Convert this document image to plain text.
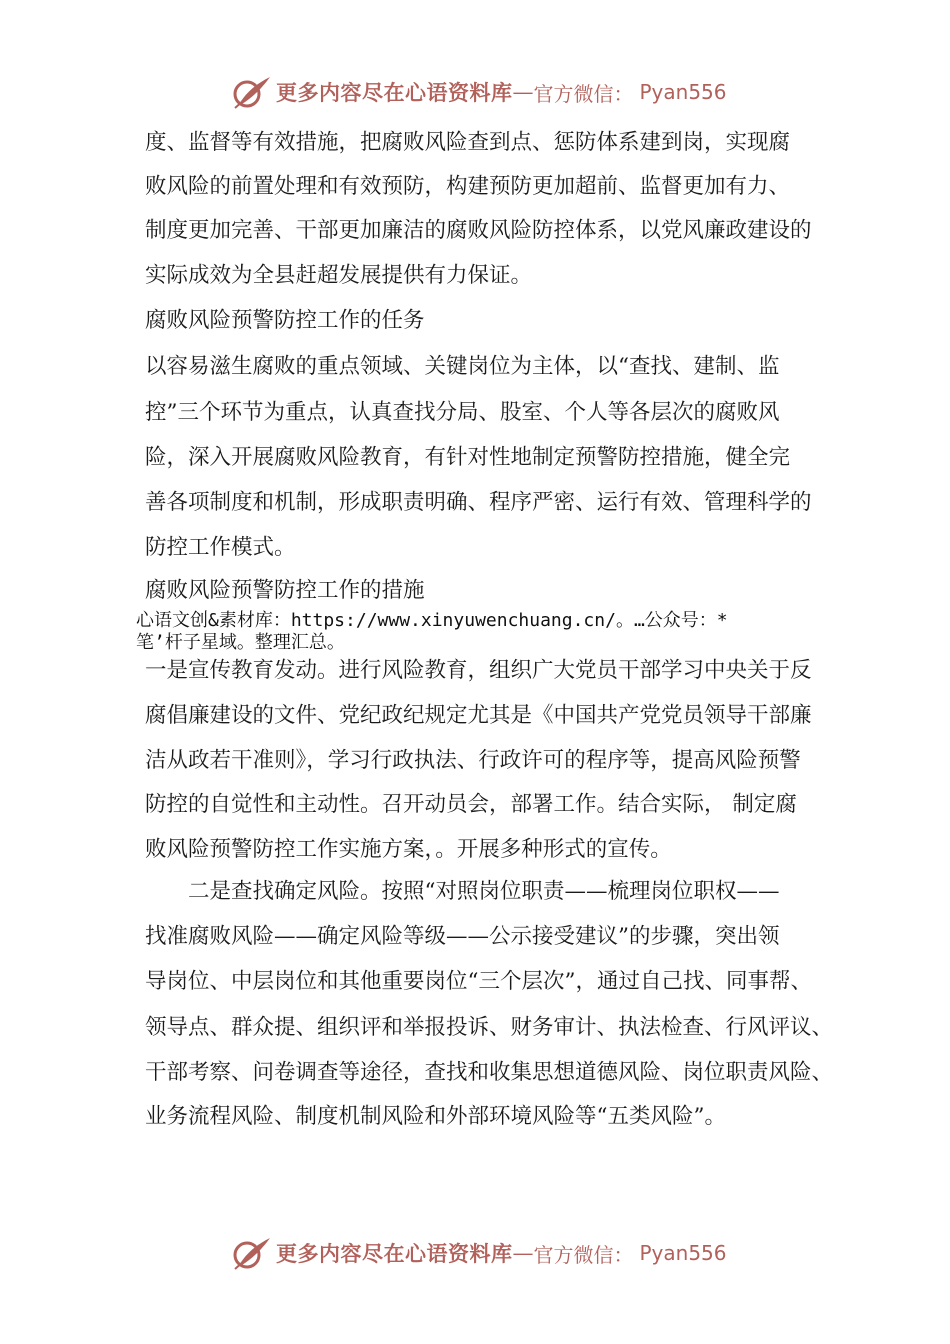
更多内容尽在心语资料库 — 官方微信： Pyan556
度、监督等有效措施，把腐败风险查到点、惩防体系建到岗，实现腐
败风险的前置处理和有效预防，构建预防更加超前、监督更加有力、
制度更加完善、干部更加廉洁的腐败风险防控体系，以党风廉政建设的
实际成效为全县赶超发展提供有力保证。
腐败风险预警防控工作的任务
以容易滋生腐败的重点领域、关键岗位为主体，以“查找、建制、监
控”三个环节为重点，认真查找分局、股室、个人等各层次的腐败风
险，深入开展腐败风险教育，有针对性地制定预警防控措施，健全完
善各项制度和机制，形成职责明确、程序严密、运行有效、管理科学的
防控工作模式。
腐败风险预警防控工作的措施
心语文创&素材库：https://www.xinyuwenchuang.cn/。…公众号：*
笔’杆子星域。整理汇总。
一是宣传教育发动。进行风险教育，组织广大党员干部学习中央关于反
腐倡廉建设的文件、党纪政纪规定尤其是《中国共产党党员领导干部廉
洁从政若干准则》，学习行政执法、行政许可的程序等，提高风险预警
防控的自觉性和主动性。召开动员会，部署工作。结合实际， 制定腐
败风险预警防控工作实施方案，。开展多种形式的宣传。
二是查找确定风险。按照“对照岗位职责——梳理岗位职权——
找准腐败风险——确定风险等级——公示接受建议”的步骤，突出领
导岗位、中层岗位和其他重要岗位“三个层次”，通过自己找、同事帮、
领导点、群众提、组织评和举报投诉、财务审计、执法检查、行风评议、
干部考察、问卷调查等途径，查找和收集思想道德风险、岗位职责风险、
业务流程风险、制度机制风险和外部环境风险等“五类风险”。
更多内容尽在心语资料库 — 官方微信： Pyan556
